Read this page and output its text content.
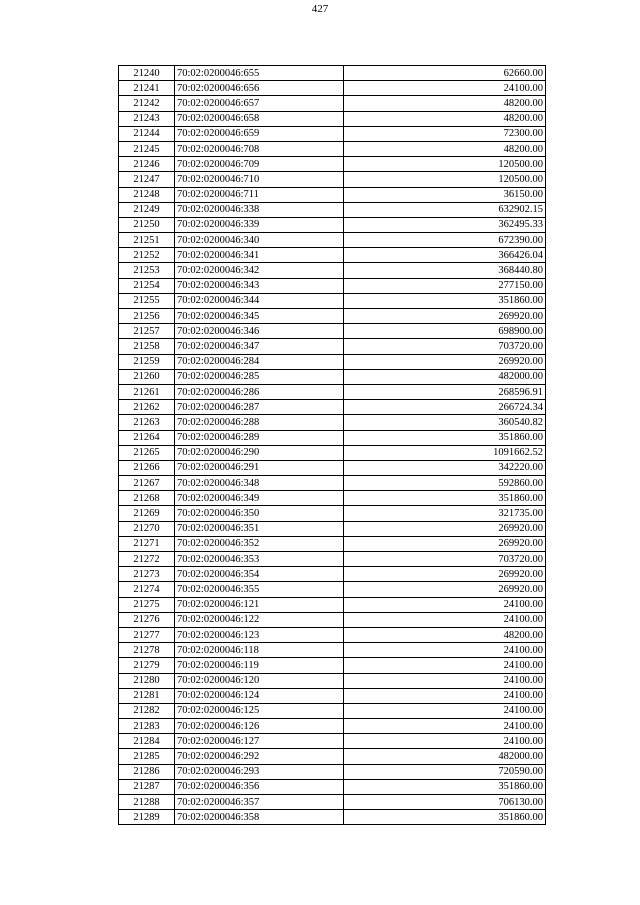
427
21240	70:02:0200046:655	62660.00
21241	70:02:0200046:656	24100.00
21242	70:02:0200046:657	48200.00
21243	70:02:0200046:658	48200.00
21244	70:02:0200046:659	72300.00
21245	70:02:0200046:708	48200.00
21246	70:02:0200046:709	120500.00
21247	70:02:0200046:710	120500.00
21248	70:02:0200046:711	36150.00
21249	70:02:0200046:338	632902.15
21250	70:02:0200046:339	362495.33
21251	70:02:0200046:340	672390.00
21252	70:02:0200046:341	366426.04
21253	70:02:0200046:342	368440.80
21254	70:02:0200046:343	277150.00
21255	70:02:0200046:344	351860.00
21256	70:02:0200046:345	269920.00
21257	70:02:0200046:346	698900.00
21258	70:02:0200046:347	703720.00
21259	70:02:0200046:284	269920.00
21260	70:02:0200046:285	482000.00
21261	70:02:0200046:286	268596.91
21262	70:02:0200046:287	266724.34
21263	70:02:0200046:288	360540.82
21264	70:02:0200046:289	351860.00
21265	70:02:0200046:290	1091662.52
21266	70:02:0200046:291	342220.00
21267	70:02:0200046:348	592860.00
21268	70:02:0200046:349	351860.00
21269	70:02:0200046:350	321735.00
21270	70:02:0200046:351	269920.00
21271	70:02:0200046:352	269920.00
21272	70:02:0200046:353	703720.00
21273	70:02:0200046:354	269920.00
21274	70:02:0200046:355	269920.00
21275	70:02:0200046:121	24100.00
21276	70:02:0200046:122	24100.00
21277	70:02:0200046:123	48200.00
21278	70:02:0200046:118	24100.00
21279	70:02:0200046:119	24100.00
21280	70:02:0200046:120	24100.00
21281	70:02:0200046:124	24100.00
21282	70:02:0200046:125	24100.00
21283	70:02:0200046:126	24100.00
21284	70:02:0200046:127	24100.00
21285	70:02:0200046:292	482000.00
21286	70:02:0200046:293	720590.00
21287	70:02:0200046:356	351860.00
21288	70:02:0200046:357	706130.00
21289	70:02:0200046:358	351860.00
